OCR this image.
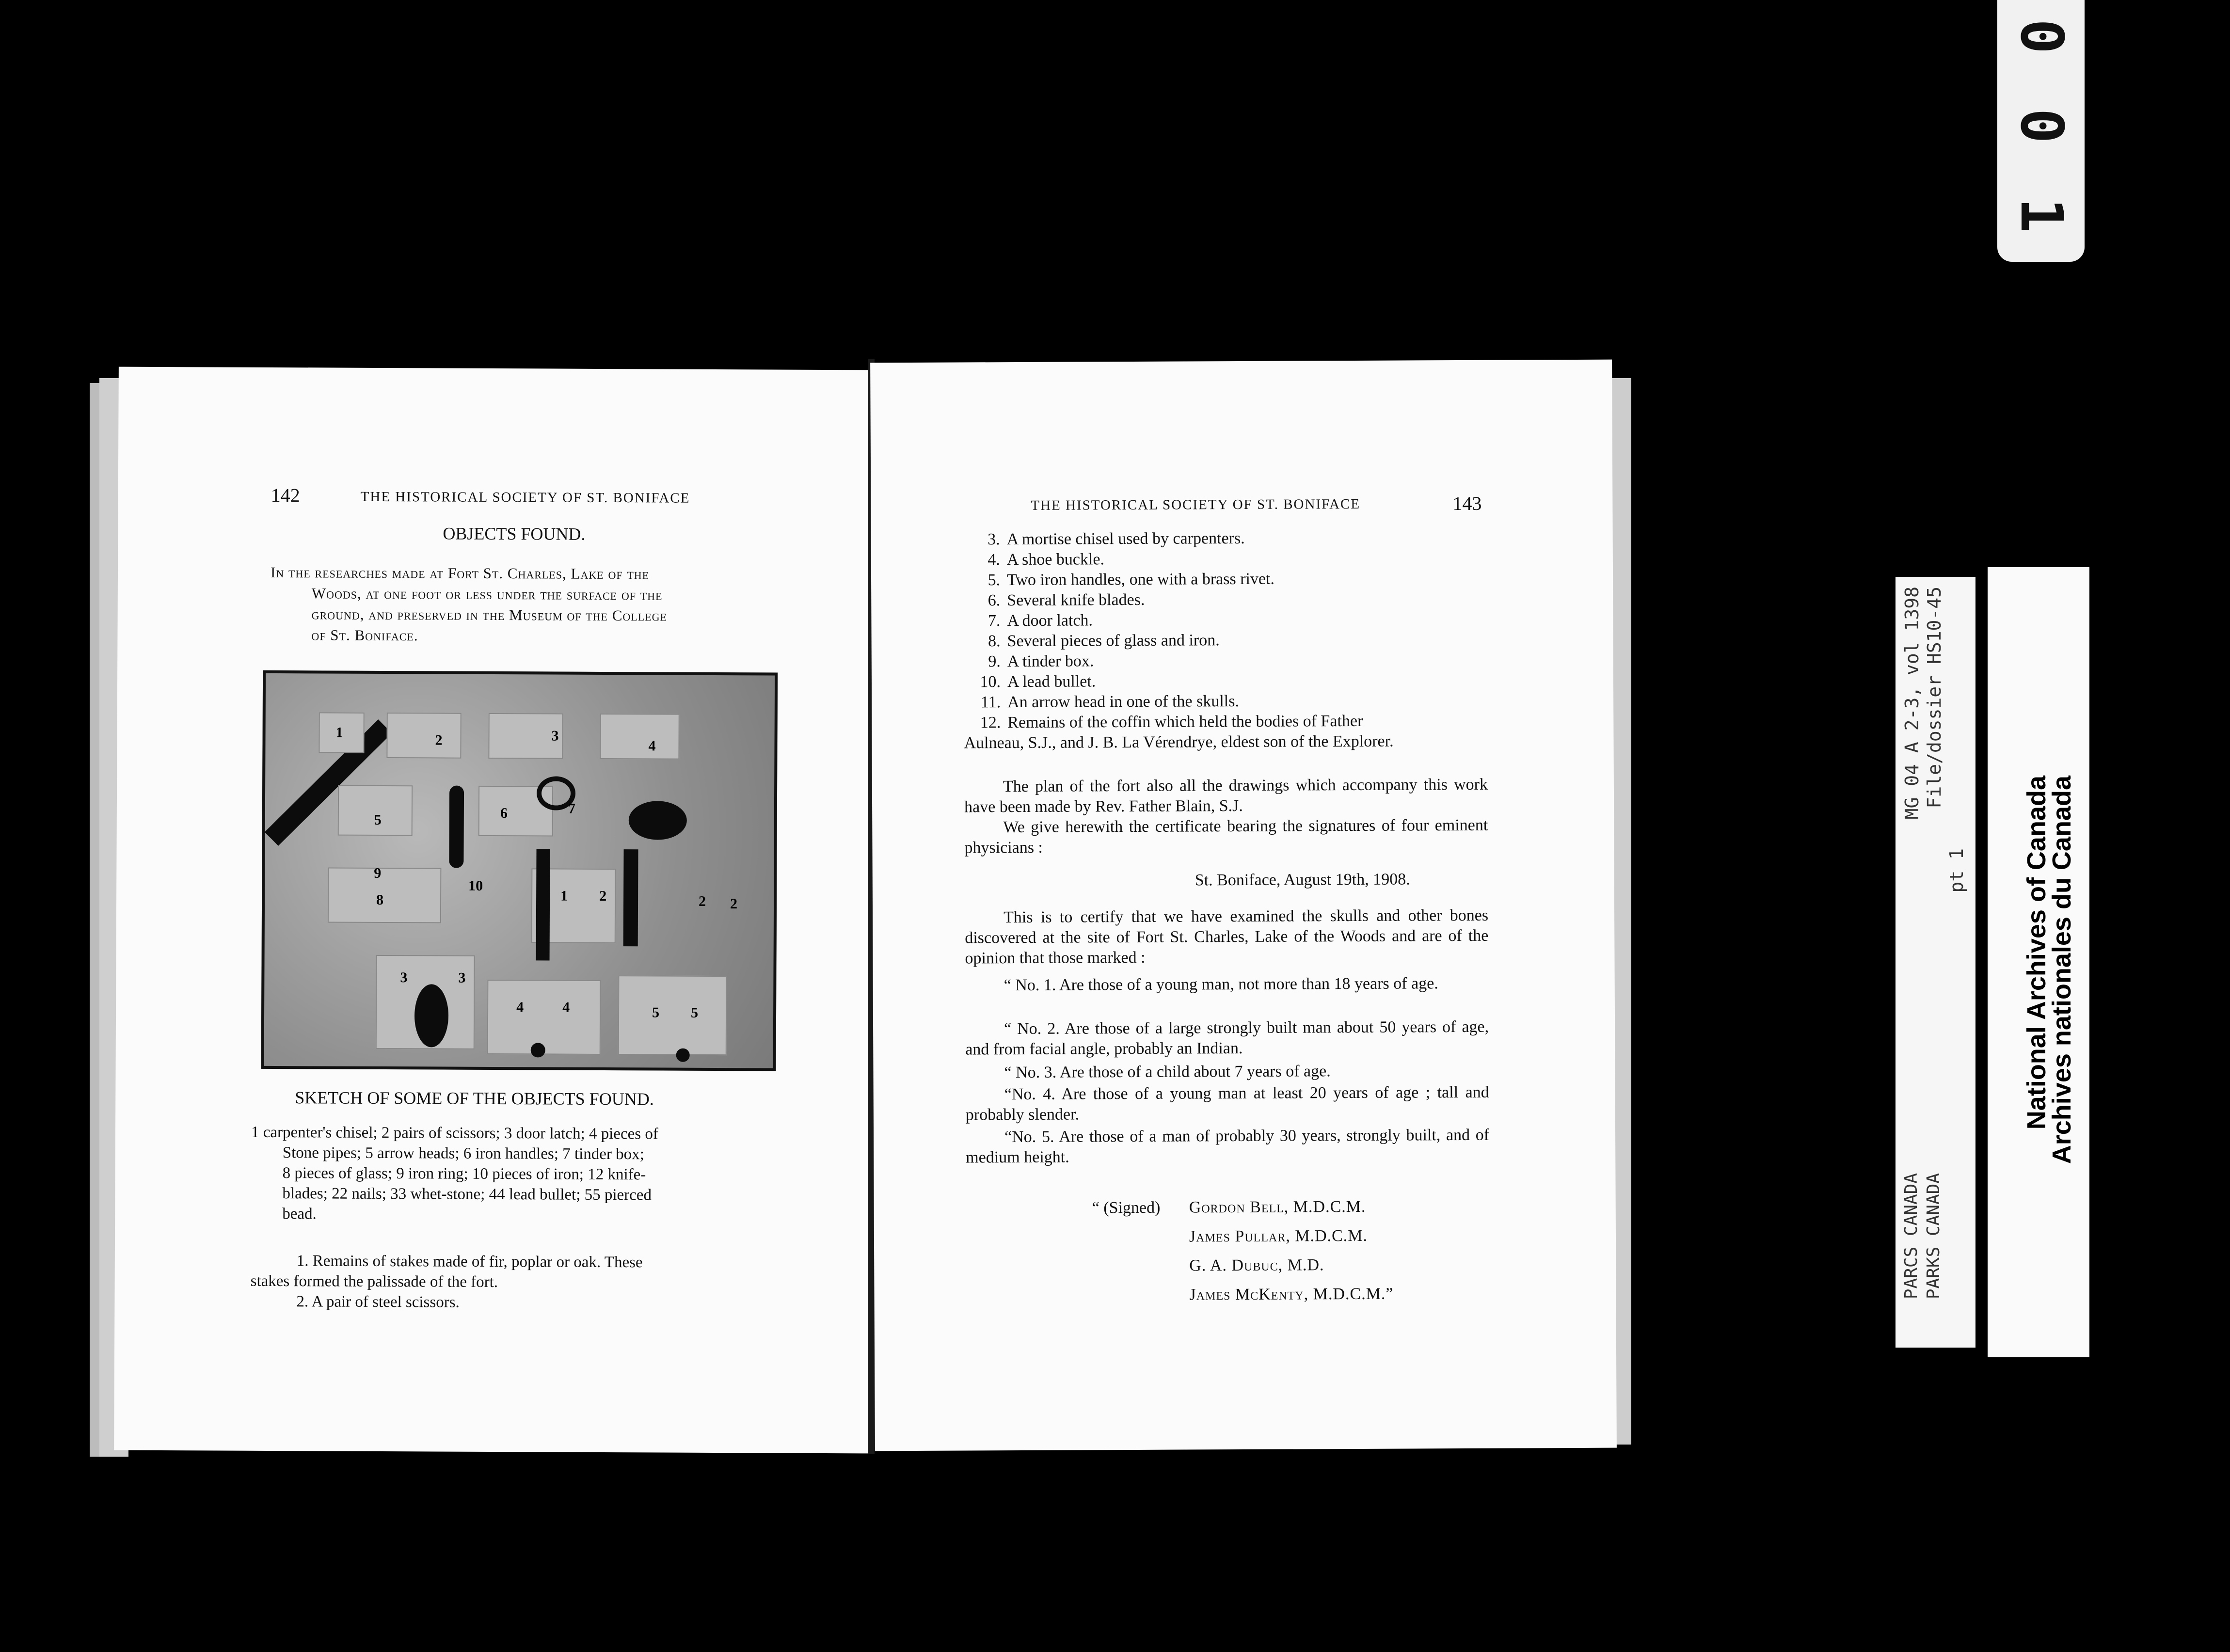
142	THE HISTORICAL SOCIETY OF ST. BONIFACE
OBJECTS FOUND.
In the researches made at Fort St. Charles, Lake of the
Woods, at one foot or less under the surface of the
ground, and preserved in the Museum of the College
of St. Boniface.
1	2	3
4
5	6	7
8
9
10
1 2	2 2
3	3
4	4	5 5
SKETCH OF SOME OF THE OBJECTS FOUND.
1 carpenter's chisel; 2 pairs of scissors; 3 door latch; 4 pieces of
Stone pipes; 5 arrow heads; 6 iron handles; 7 tinder box;
8 pieces of glass; 9 iron ring; 10 pieces of iron; 12 knife-
blades; 22 nails; 33 whet-stone; 44 lead bullet; 55 pierced
bead.
1. Remains of stakes made of fir, poplar or oak. These
stakes formed the palissade of the fort.
2. A pair of steel scissors.
THE HISTORICAL SOCIETY OF ST. BONIFACE	143
3. A mortise chisel used by carpenters.
4. A shoe buckle.
5. Two iron handles, one with a brass rivet.
6. Several knife blades.
7. A door latch.
8. Several pieces of glass and iron.
9. A tinder box.
10. A lead bullet.
11. An arrow head in one of the skulls.
12. Remains of the coffin which held the bodies of Father
Aulneau, S.J., and J. B. La Vérendrye, eldest son of the Explorer.
The plan of the fort also all the drawings which accompany this work have been made by Rev. Father Blain, S.J.
We give herewith the certificate bearing the signatures of four eminent physicians :
St. Boniface, August 19th, 1908.
This is to certify that we have examined the skulls and other bones discovered at the site of Fort St. Charles, Lake of the Woods and are of the opinion that those marked :
“ No. 1. Are those of a young man, not more than 18 years of age.
“ No. 2. Are those of a large strongly built man about 50 years of age, and from facial angle, probably an Indian.
“ No. 3. Are those of a child about 7 years of age.
“No. 4. Are those of a young man at least 20 years of age ; tall and probably slender.
“No. 5. Are those of a man of probably 30 years, strongly built, and of medium height.
“ (Signed) Gordon Bell, M.D.C.M.
James Pullar, M.D.C.M.
G. A. Dubuc, M.D.
James McKenty, M.D.C.M.”
0 0 1
MG 04 A 2-3, vol 1398 File/dossier HS10-45
pt 1
PARCS CANADA PARKS CANADA
National Archives of Canada
Archives nationales du Canada
